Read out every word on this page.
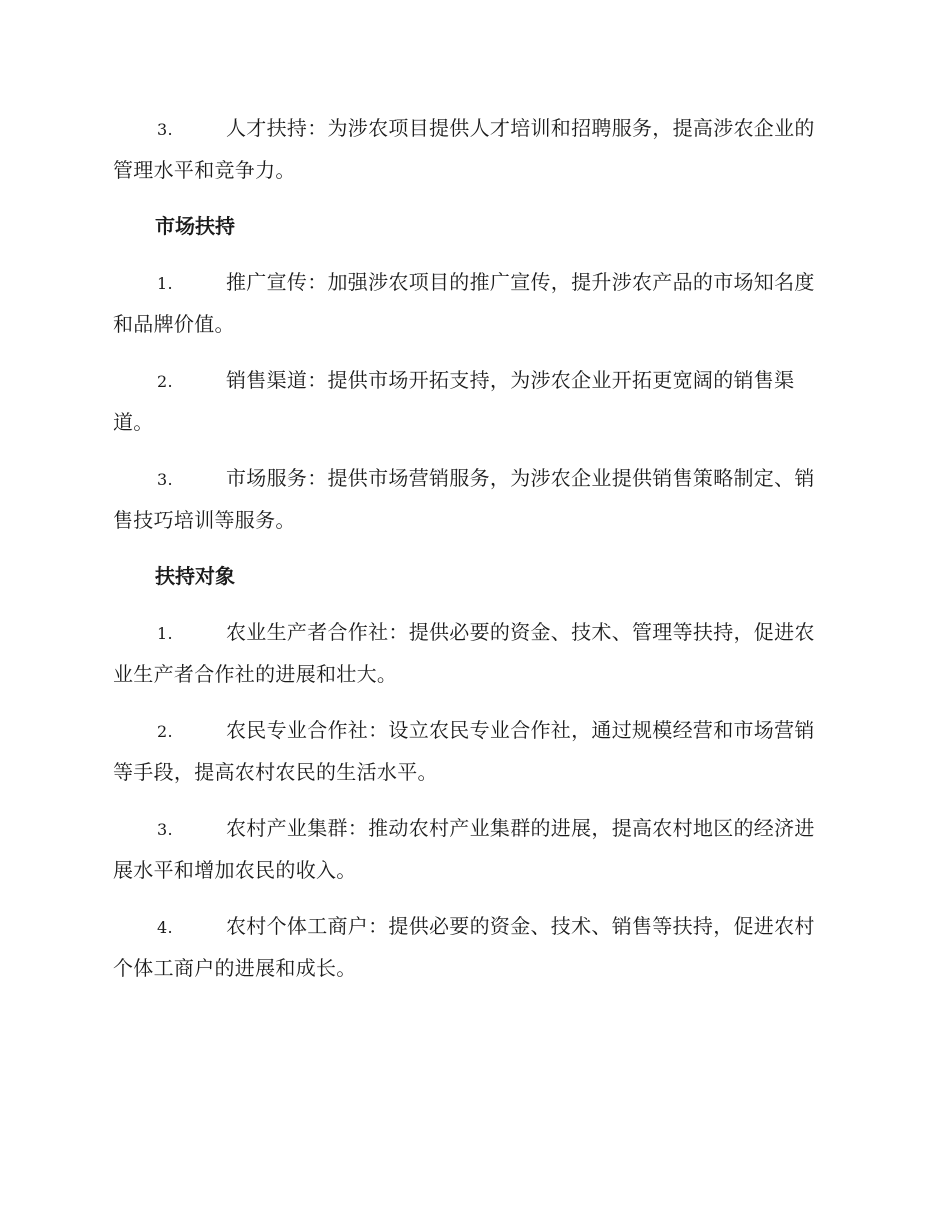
3.	人才扶持：为涉农项目提供人才培训和招聘服务，提高涉农企业的管理水平和竞争力。

市场扶持

1.	推广宣传：加强涉农项目的推广宣传，提升涉农产品的市场知名度和品牌价值。

2.	销售渠道：提供市场开拓支持，为涉农企业开拓更宽阔的销售渠道。

3.	市场服务：提供市场营销服务，为涉农企业提供销售策略制定、销售技巧培训等服务。

扶持对象

1.	农业生产者合作社：提供必要的资金、技术、管理等扶持，促进农业生产者合作社的进展和壮大。

2.	农民专业合作社：设立农民专业合作社，通过规模经营和市场营销等手段，提高农村农民的生活水平。

3.	农村产业集群：推动农村产业集群的进展，提高农村地区的经济进展水平和增加农民的收入。

4.	农村个体工商户：提供必要的资金、技术、销售等扶持，促进农村个体工商户的进展和成长。
